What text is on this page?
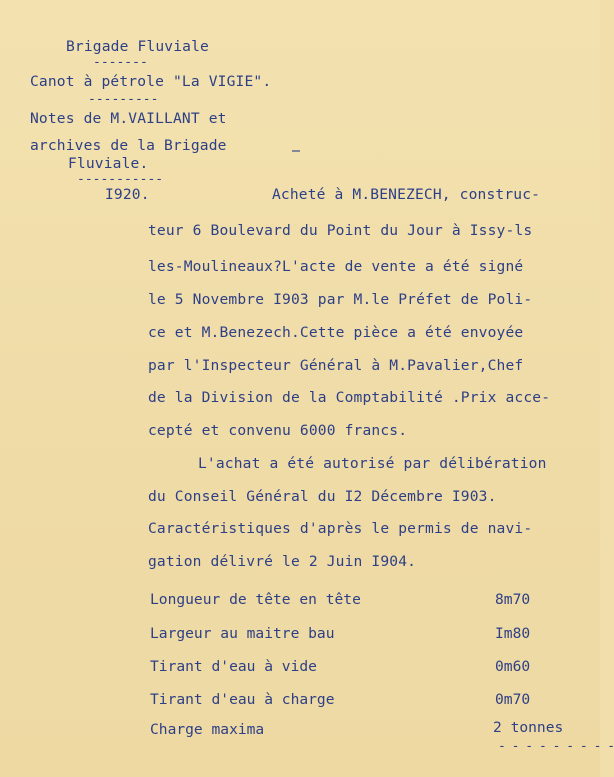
Brigade Fluviale
-------
Canot à pétrole "La VIGIE".
---------
Notes de M.VAILLANT et
archives de la Brigade
Fluviale.
-----------
I920.	Acheté à M.BENEZECH, construc-
teur 6 Boulevard du Point du Jour à Issy-ls
les-Moulineaux?L'acte de vente a été signé
le 5 Novembre I903 par M.le Préfet de Poli-
ce et M.Benezech.Cette pièce a été envoyée
par l'Inspecteur Général à M.Pavalier,Chef
de la Division de la Comptabilité .Prix acce-
cepté et convenu 6000 francs.
L'achat a été autorisé par délibération
du Conseil Général du I2 Décembre I903.
Caractéristiques d'après le permis de navi-
gation délivré le 2 Juin I904.
Longueur de tête en tête	8m70
Largeur au maitre bau	Im80
Tirant d'eau à vide	0m60
Tirant d'eau à charge	0m70
Charge maxima	2 tonnes
- - - - - - - - -
